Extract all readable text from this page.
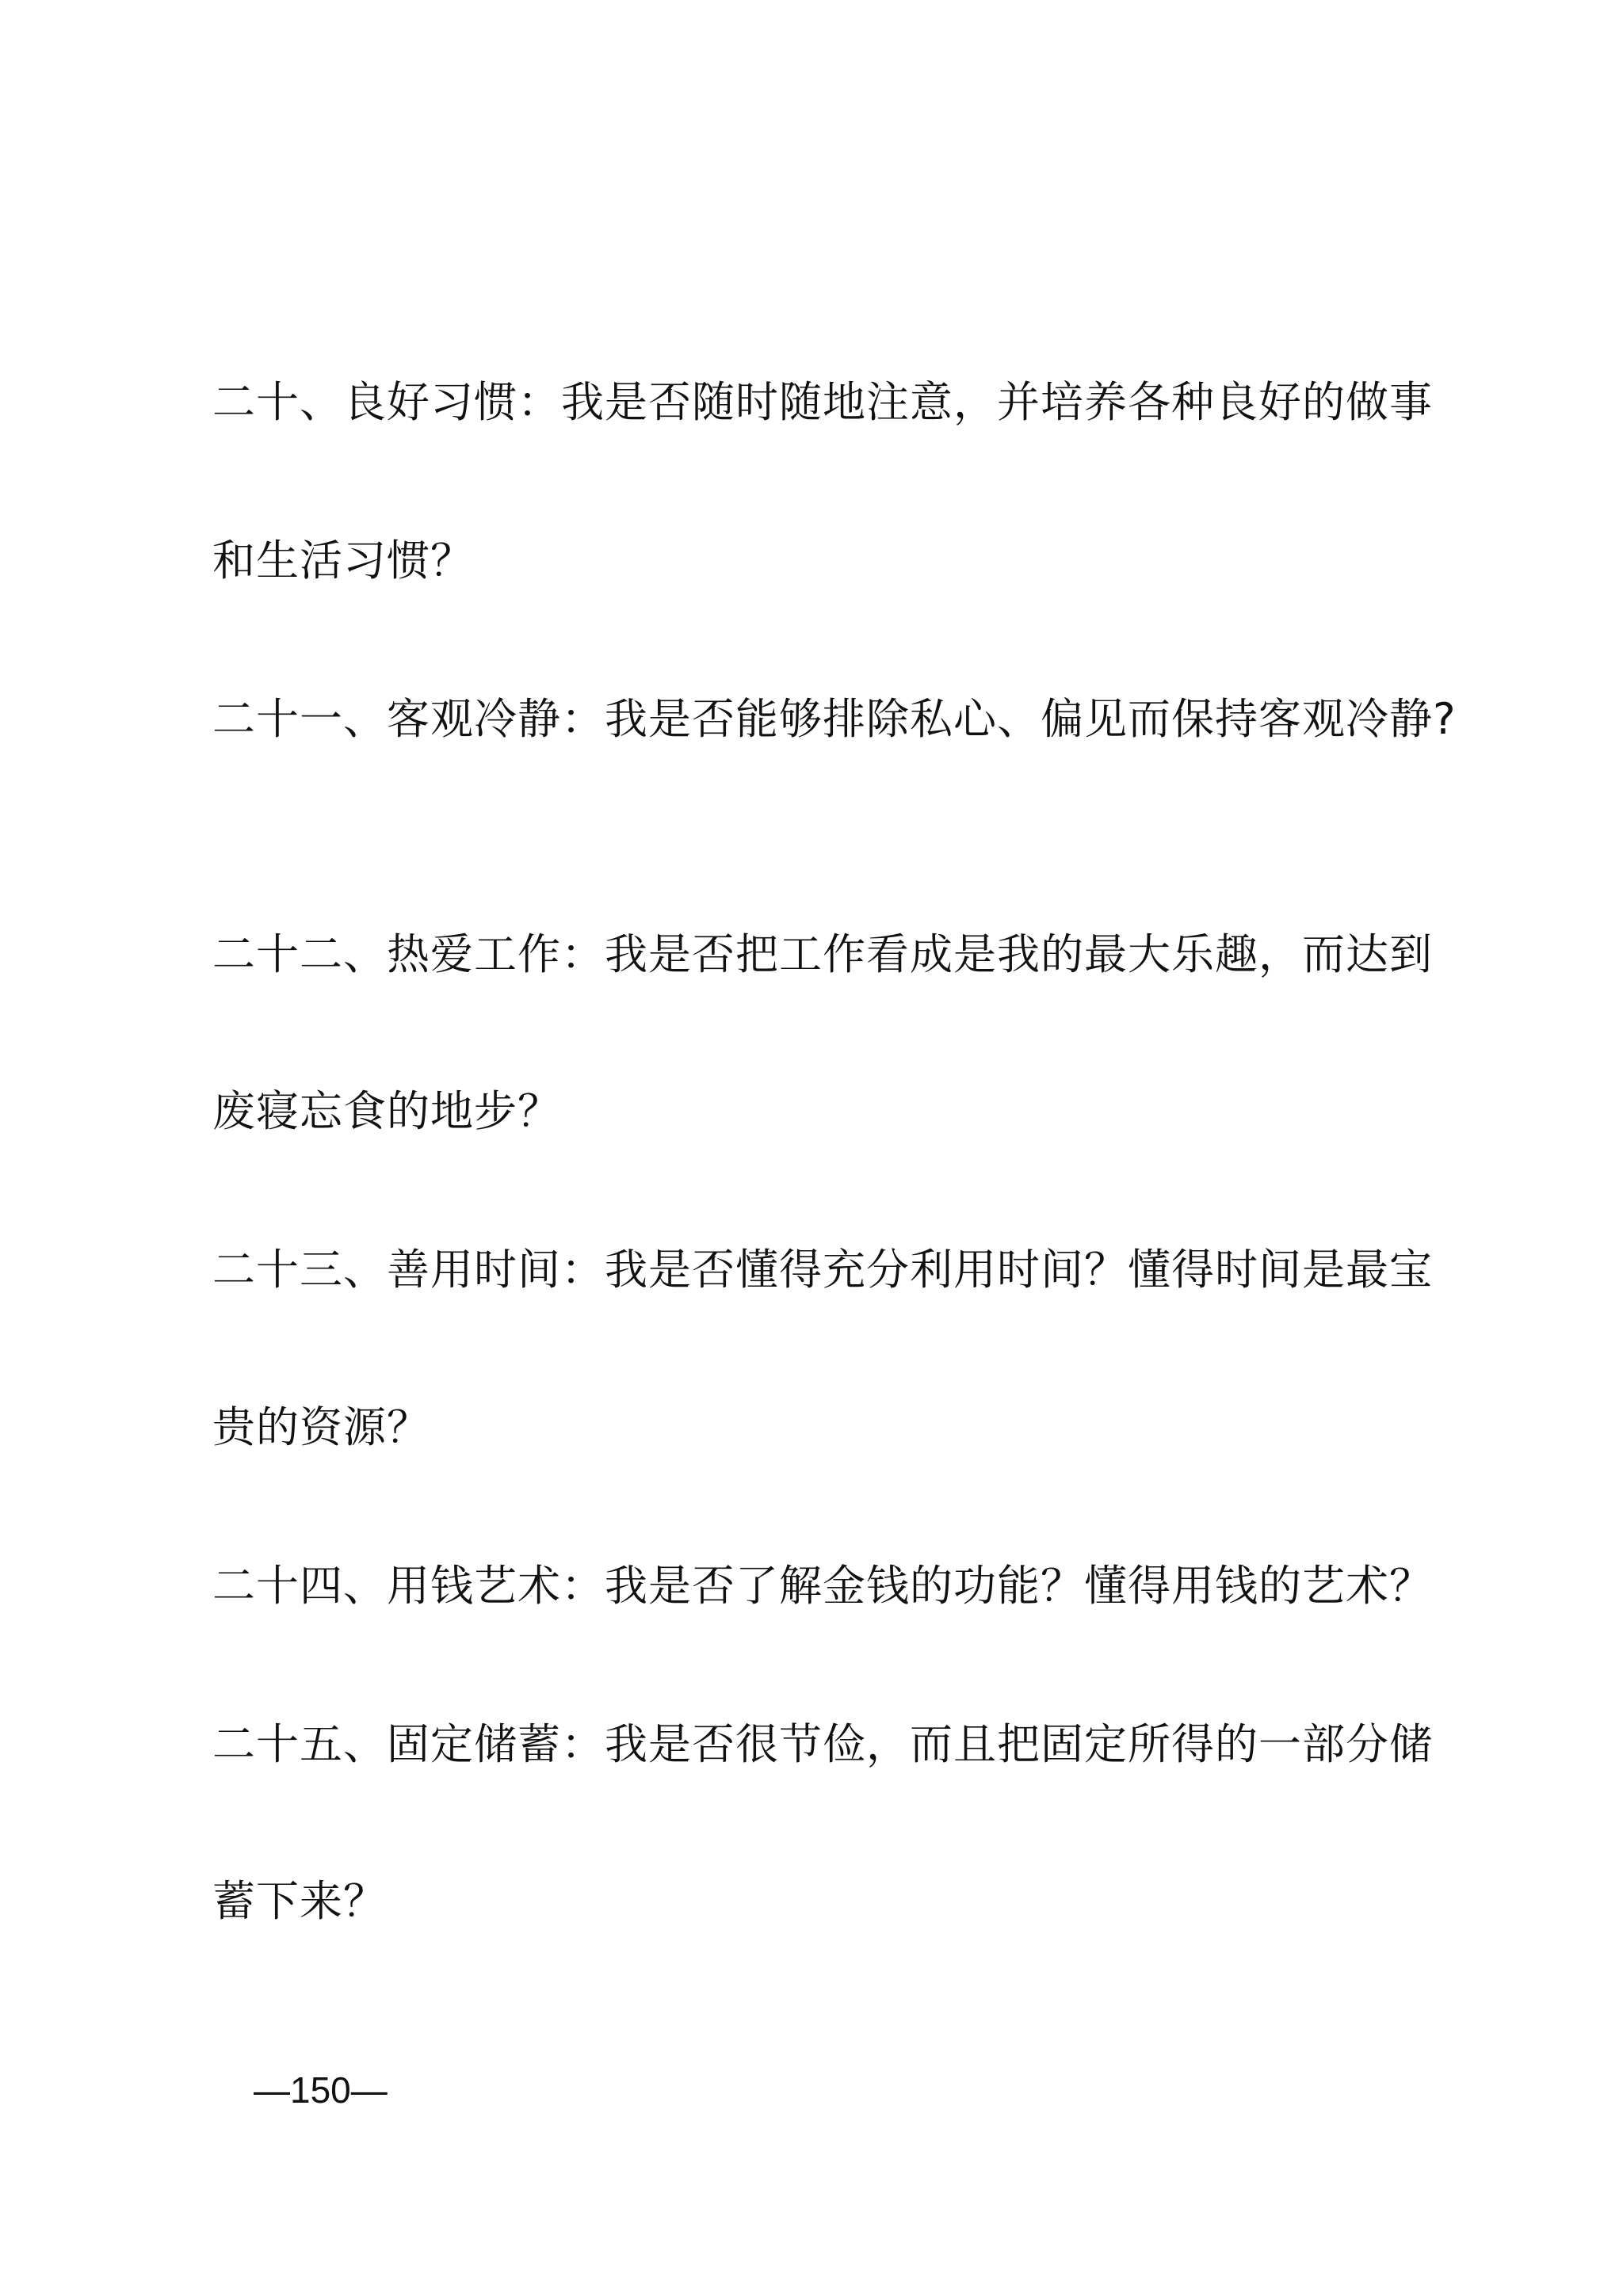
二十、良好习惯：我是否随时随地注意，并培养各种良好的做事

和生活习惯？

二十一、客观冷静：我是否能够排除私心、偏见而保持客观冷静?

二十二、热爱工作：我是否把工作看成是我的最大乐趣，而达到

废寝忘食的地步？

二十三、善用时间：我是否懂得充分利用时间？懂得时间是最宝

贵的资源？

二十四、用钱艺术：我是否了解金钱的功能？懂得用钱的艺术？

二十五、固定储蓄：我是否很节俭，而且把固定所得的一部分储

蓄下来？

—150—
